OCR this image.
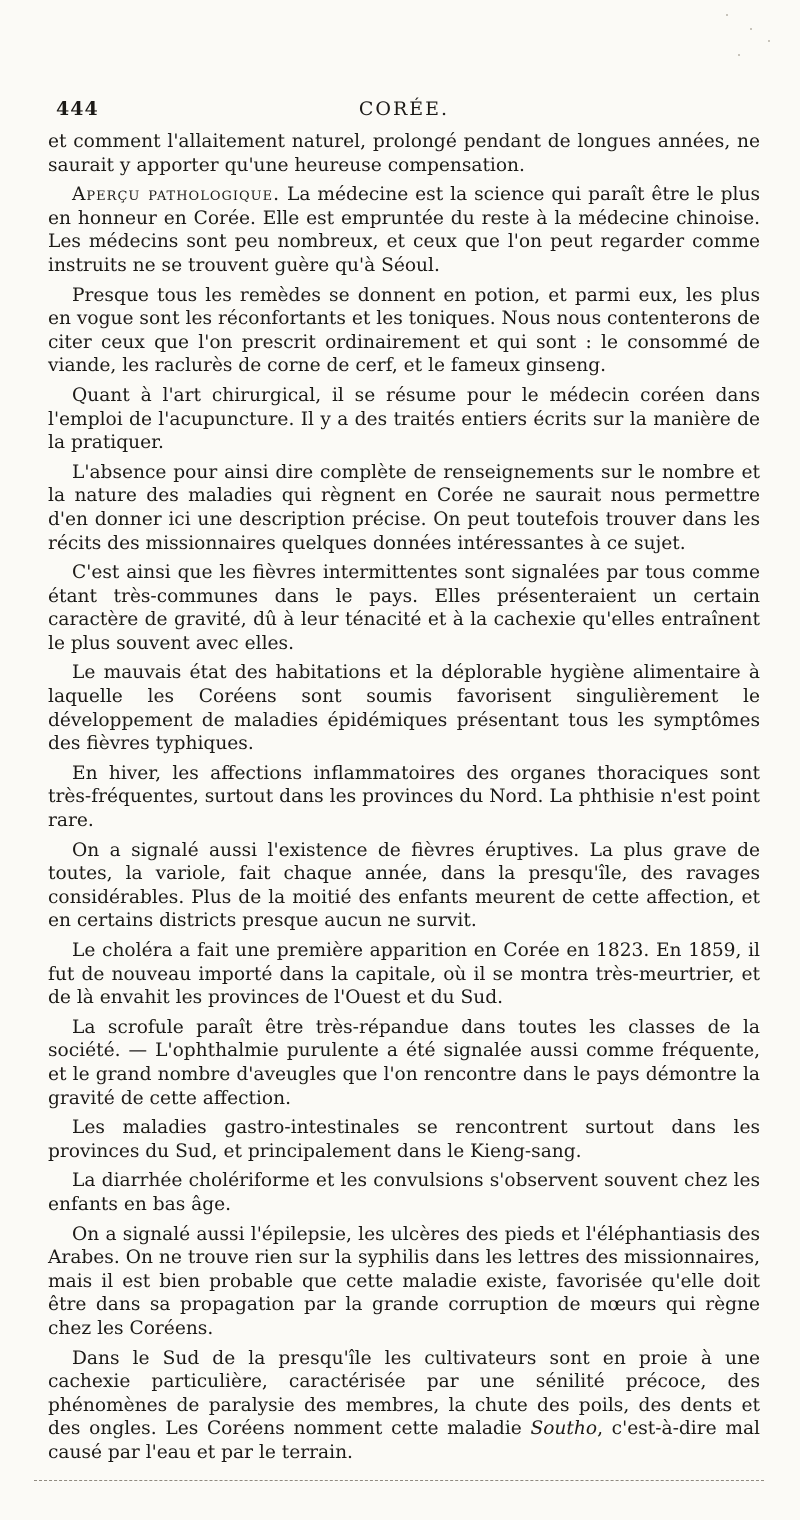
444	CORÉE.

et comment l'allaitement naturel, prolongé pendant de longues années, ne saurait y apporter qu'une heureuse compensation.

Aperçu pathologique. La médecine est la science qui paraît être le plus en honneur en Corée. Elle est empruntée du reste à la médecine chinoise. Les médecins sont peu nombreux, et ceux que l'on peut regarder comme instruits ne se trouvent guère qu'à Séoul.

Presque tous les remèdes se donnent en potion, et parmi eux, les plus en vogue sont les réconfortants et les toniques. Nous nous contenterons de citer ceux que l'on prescrit ordinairement et qui sont : le consommé de viande, les raclurès de corne de cerf, et le fameux ginseng.

Quant à l'art chirurgical, il se résume pour le médecin coréen dans l'emploi de l'acupuncture. Il y a des traités entiers écrits sur la manière de la pratiquer.

L'absence pour ainsi dire complète de renseignements sur le nombre et la nature des maladies qui règnent en Corée ne saurait nous permettre d'en donner ici une description précise. On peut toutefois trouver dans les récits des missionnaires quelques données intéressantes à ce sujet.

C'est ainsi que les fièvres intermittentes sont signalées par tous comme étant très-communes dans le pays. Elles présenteraient un certain caractère de gravité, dû à leur ténacité et à la cachexie qu'elles entraînent le plus souvent avec elles.

Le mauvais état des habitations et la déplorable hygiène alimentaire à laquelle les Coréens sont soumis favorisent singulièrement le développement de maladies épidémiques présentant tous les symptômes des fièvres typhiques.

En hiver, les affections inflammatoires des organes thoraciques sont très-fréquentes, surtout dans les provinces du Nord. La phthisie n'est point rare.

On a signalé aussi l'existence de fièvres éruptives. La plus grave de toutes, la variole, fait chaque année, dans la presqu'île, des ravages considérables. Plus de la moitié des enfants meurent de cette affection, et en certains districts presque aucun ne survit.

Le choléra a fait une première apparition en Corée en 1823. En 1859, il fut de nouveau importé dans la capitale, où il se montra très-meurtrier, et de là envahit les provinces de l'Ouest et du Sud.

La scrofule paraît être très-répandue dans toutes les classes de la société. — L'ophthalmie purulente a été signalée aussi comme fréquente, et le grand nombre d'aveugles que l'on rencontre dans le pays démontre la gravité de cette affection.

Les maladies gastro-intestinales se rencontrent surtout dans les provinces du Sud, et principalement dans le Kieng-sang.

La diarrhée cholériforme et les convulsions s'observent souvent chez les enfants en bas âge.

On a signalé aussi l'épilepsie, les ulcères des pieds et l'éléphantiasis des Arabes. On ne trouve rien sur la syphilis dans les lettres des missionnaires, mais il est bien probable que cette maladie existe, favorisée qu'elle doit être dans sa propagation par la grande corruption de mœurs qui règne chez les Coréens.

Dans le Sud de la presqu'île les cultivateurs sont en proie à une cachexie particulière, caractérisée par une sénilité précoce, des phénomènes de paralysie des membres, la chute des poils, des dents et des ongles. Les Coréens nomment cette maladie Southo, c'est-à-dire mal causé par l'eau et par le terrain.
